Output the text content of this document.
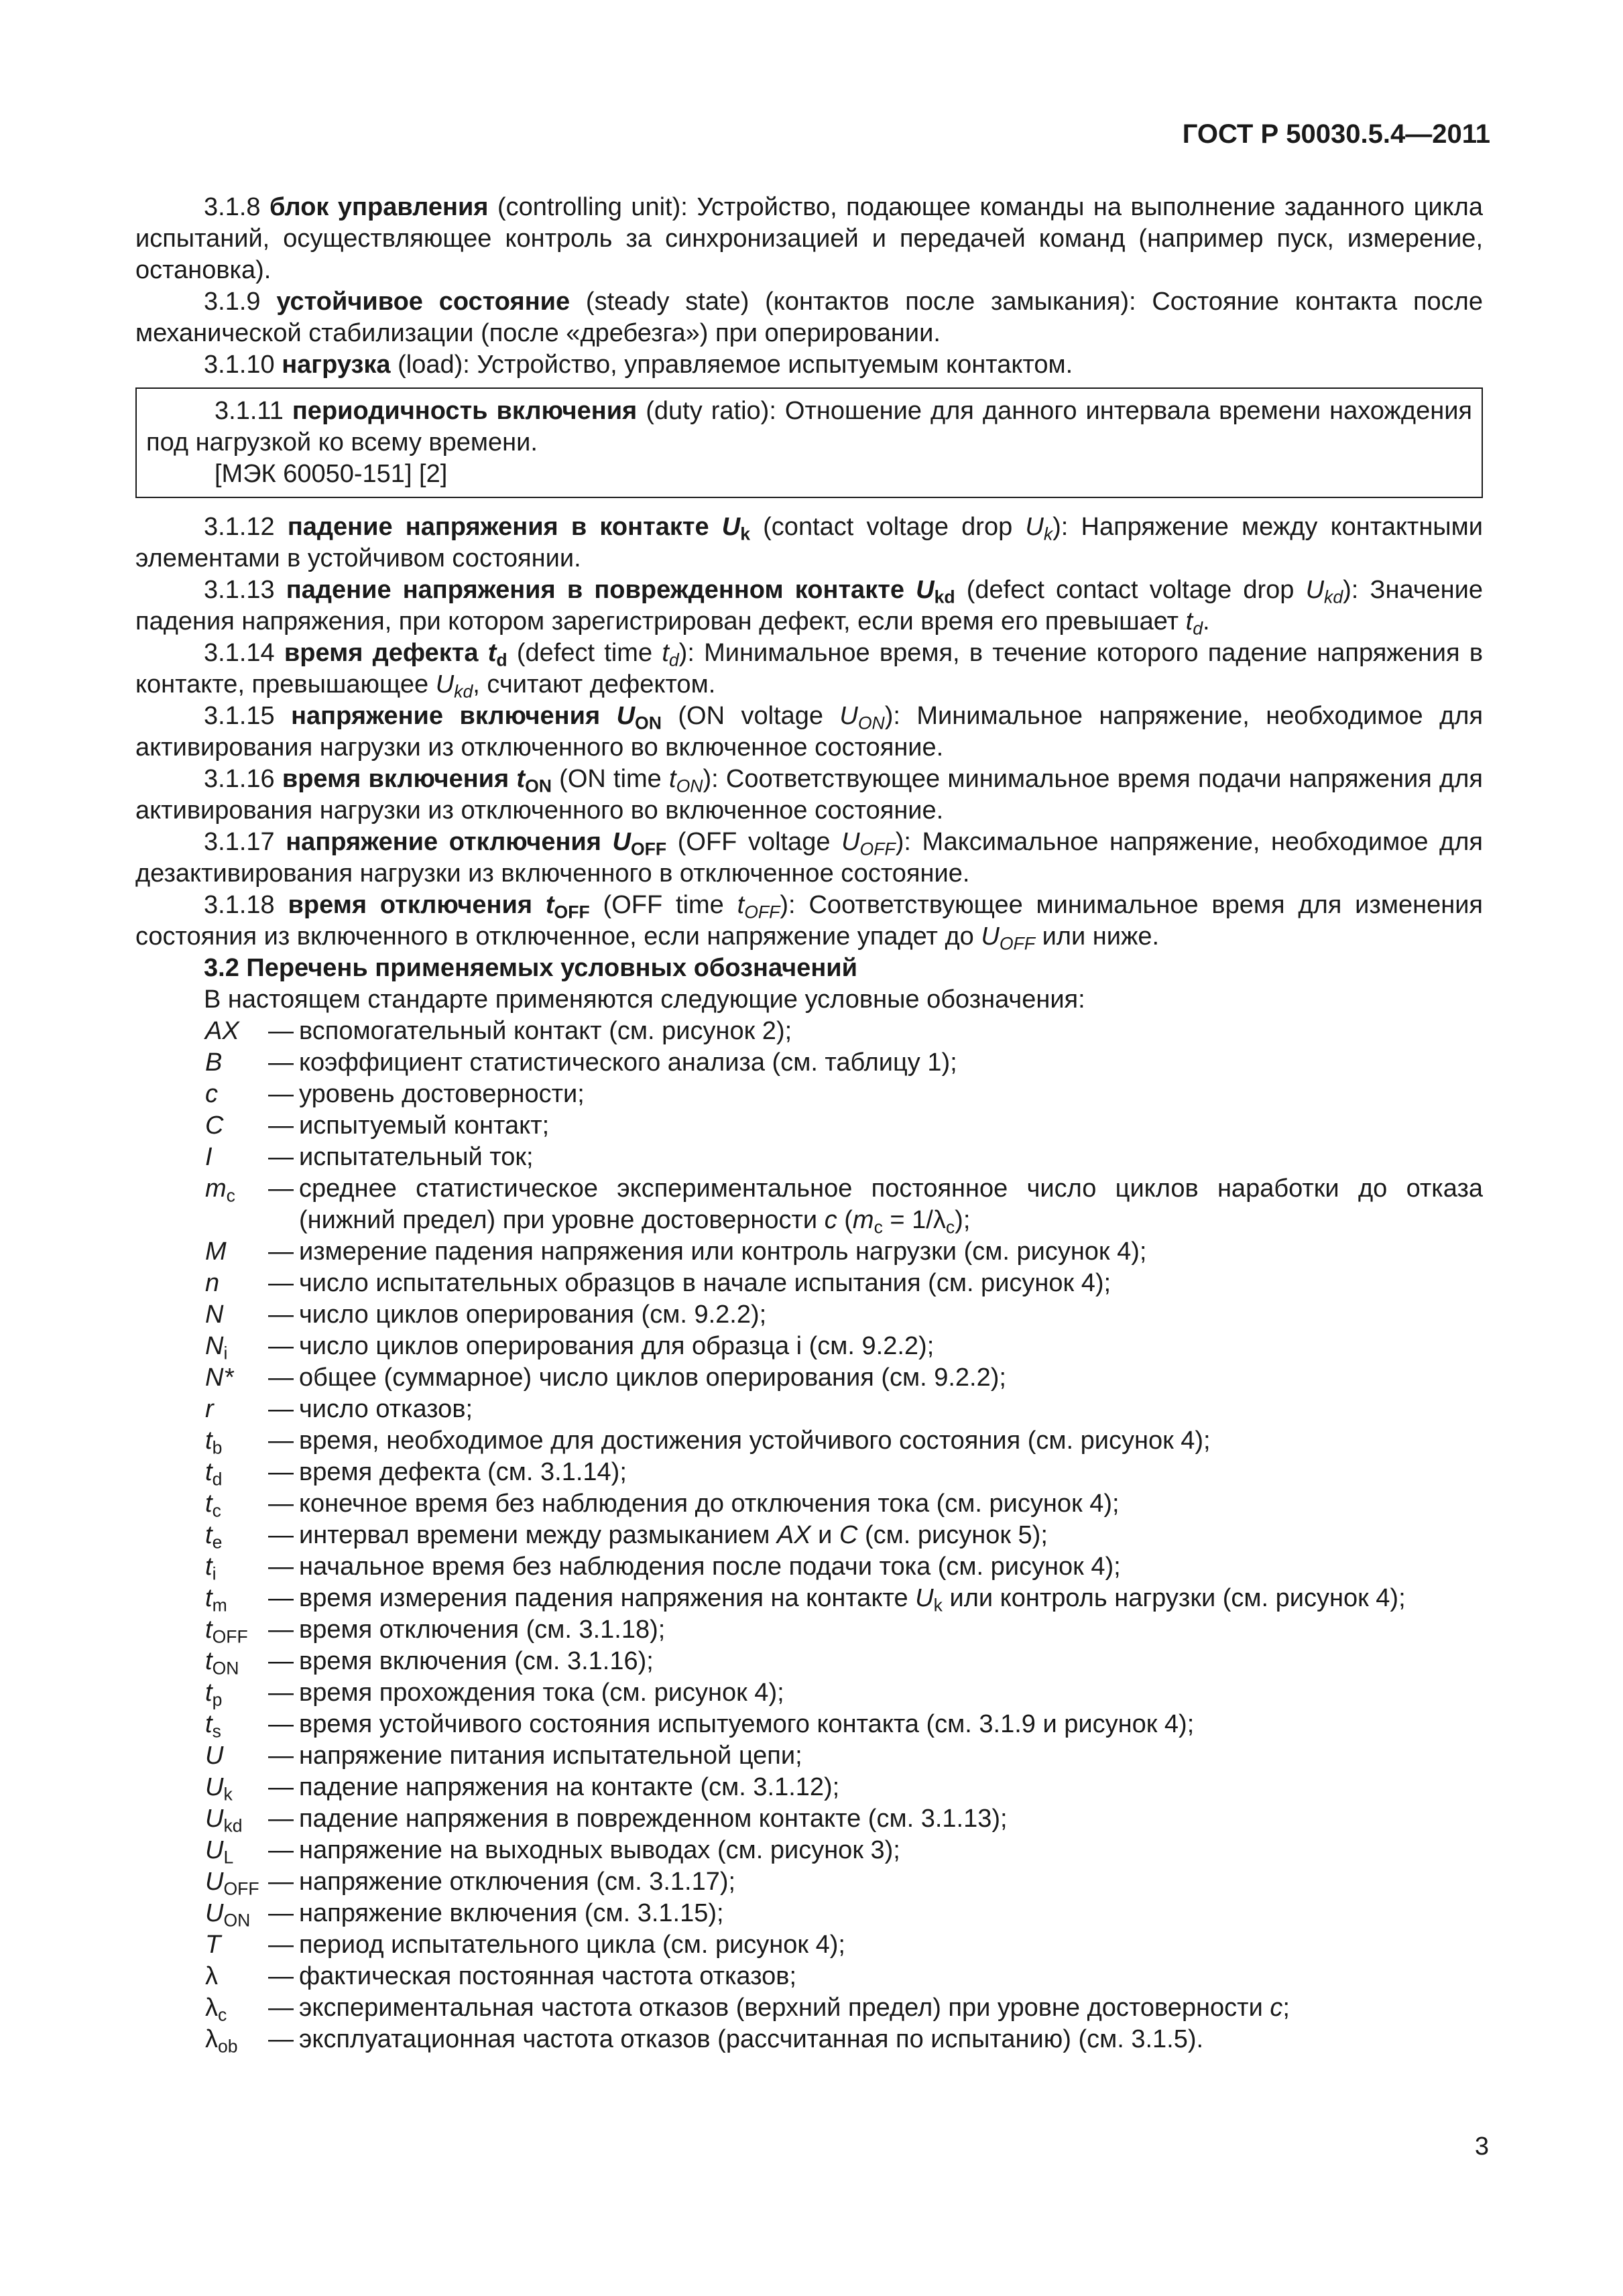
ГОСТ Р 50030.5.4—2011

3.1.8 блок управления (controlling unit): Устройство, подающее команды на выполнение заданного цикла испытаний, осуществляющее контроль за синхронизацией и передачей команд (например пуск, измерение, остановка).

3.1.9 устойчивое состояние (steady state) (контактов после замыкания): Состояние контакта после механической стабилизации (после «дребезга») при оперировании.

3.1.10 нагрузка (load): Устройство, управляемое испытуемым контактом.

3.1.11 периодичность включения (duty ratio): Отношение для данного интервала времени нахождения под нагрузкой ко всему времени.

[МЭК 60050-151] [2]

3.1.12 падение напряжения в контакте $U_k$ (contact voltage drop $U_k$): Напряжение между контактными элементами в устойчивом состоянии.

3.1.13 падение напряжения в поврежденном контакте $U_{kd}$ (defect contact voltage drop $U_{kd}$): Значение падения напряжения, при котором зарегистрирован дефект, если время его превышает $t_d$.

3.1.14 время дефекта $t_d$ (defect time $t_d$): Минимальное время, в течение которого падение напряжения в контакте, превышающее $U_{kd}$, считают дефектом.

3.1.15 напряжение включения $U_{ON}$ (ON voltage $U_{ON}$): Минимальное напряжение, необходимое для активирования нагрузки из отключенного во включенное состояние.

3.1.16 время включения $t_{ON}$ (ON time $t_{ON}$): Соответствующее минимальное время подачи напряжения для активирования нагрузки из отключенного во включенное состояние.

3.1.17 напряжение отключения $U_{OFF}$ (OFF voltage $U_{OFF}$): Максимальное напряжение, необходимое для дезактивирования нагрузки из включенного в отключенное состояние.

3.1.18 время отключения $t_{OFF}$ (OFF time $t_{OFF}$): Соответствующее минимальное время для изменения состояния из включенного в отключенное, если напряжение упадет до $U_{OFF}$ или ниже.

3.2 Перечень применяемых условных обозначений

В настоящем стандарте применяются следующие условные обозначения:

AX	— вспомогательный контакт (см. рисунок 2);
B	— коэффициент статистического анализа (см. таблицу 1);
c	— уровень достоверности;
C	— испытуемый контакт;
I	— испытательный ток;
$m_c$	— среднее статистическое экспериментальное постоянное число циклов наработки до отказа (нижний предел) при уровне достоверности c $(m_c = 1/\lambda_c)$;
M	— измерение падения напряжения или контроль нагрузки (см. рисунок 4);
n	— число испытательных образцов в начале испытания (см. рисунок 4);
N	— число циклов оперирования (см. 9.2.2);
$N_i$	— число циклов оперирования для образца i (см. 9.2.2);
N*	— общее (суммарное) число циклов оперирования (см. 9.2.2);
r	— число отказов;
$t_b$	— время, необходимое для достижения устойчивого состояния (см. рисунок 4);
$t_d$	— время дефекта (см. 3.1.14);
$t_c$	— конечное время без наблюдения до отключения тока (см. рисунок 4);
$t_e$	— интервал времени между размыканием AX и C (см. рисунок 5);
$t_i$	— начальное время без наблюдения после подачи тока (см. рисунок 4);
$t_m$	— время измерения падения напряжения на контакте $U_k$ или контроль нагрузки (см. рисунок 4);
$t_{OFF}$ — время отключения (см. 3.1.18);
$t_{ON}$	— время включения (см. 3.1.16);
$t_p$	— время прохождения тока (см. рисунок 4);
$t_s$	— время устойчивого состояния испытуемого контакта (см. 3.1.9 и рисунок 4);
U	— напряжение питания испытательной цепи;
$U_k$	— падение напряжения на контакте (см. 3.1.12);
$U_{kd}$	— падение напряжения в поврежденном контакте (см. 3.1.13);
$U_L$	— напряжение на выходных выводах (см. рисунок 3);
$U_{OFF}$ — напряжение отключения (см. 3.1.17);
$U_{ON}$ — напряжение включения (см. 3.1.15);
T	— период испытательного цикла (см. рисунок 4);
λ	— фактическая постоянная частота отказов;
$\lambda_c$	— экспериментальная частота отказов (верхний предел) при уровне достоверности c;
$\lambda_{ob}$	— эксплуатационная частота отказов (рассчитанная по испытанию) (см. 3.1.5).
3
